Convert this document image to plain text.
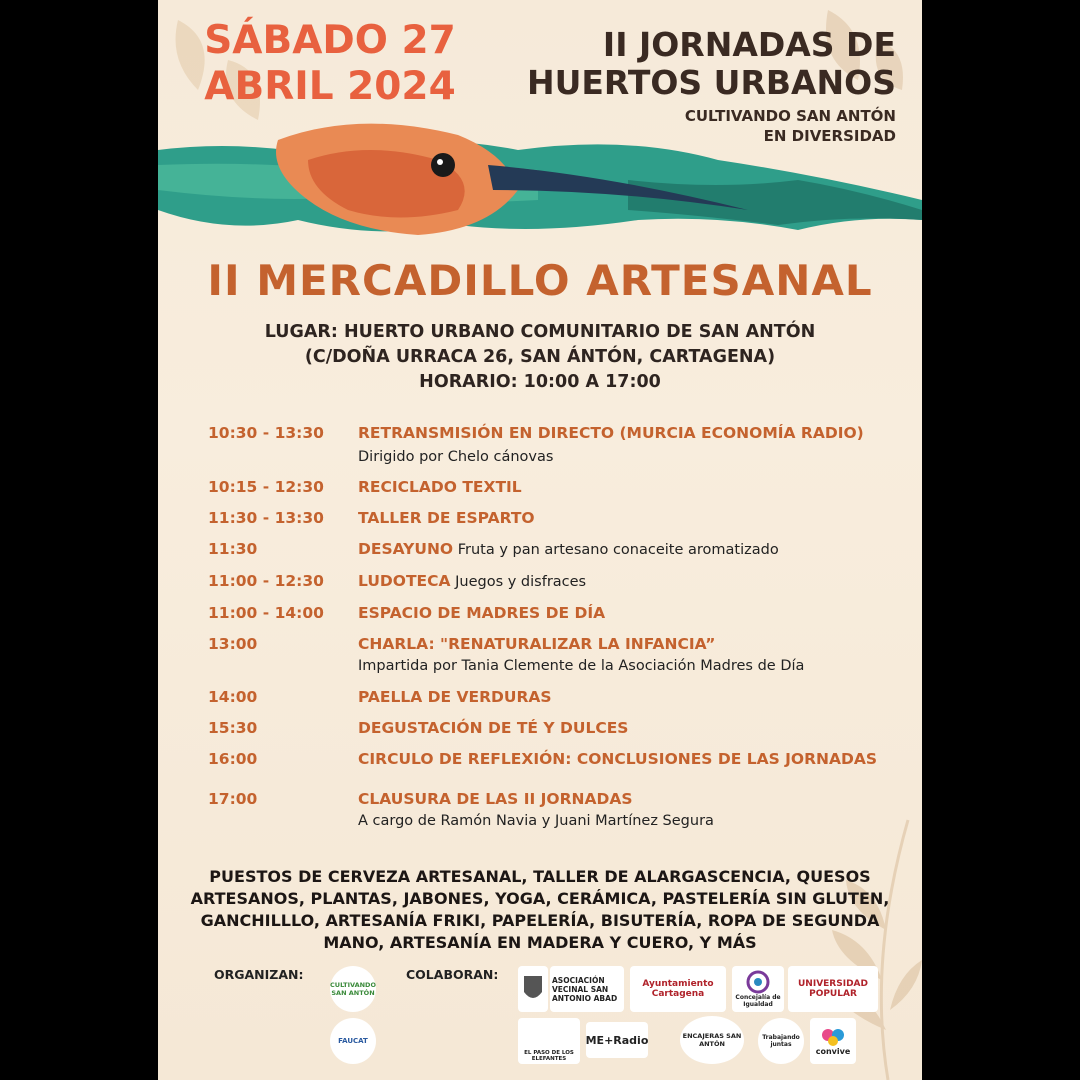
SÁBADO 27
ABRIL 2024
II JORNADAS DE
HUERTOS URBANOS
CULTIVANDO SAN ANTÓN
EN DIVERSIDAD
II MERCADILLO ARTESANAL
LUGAR: HUERTO URBANO COMUNITARIO DE SAN ANTÓN
(C/DOÑA URRACA 26, SAN ÁNTÓN, CARTAGENA)
HORARIO: 10:00 A 17:00
10:30 - 13:30	RETRANSMISIÓN EN DIRECTO (MURCIA ECONOMÍA RADIO) Dirigido por Chelo cánovas
10:15 - 12:30	RECICLADO TEXTIL
11:30 - 13:30	TALLER DE ESPARTO
11:30	DESAYUNO Fruta y pan artesano conaceite aromatizado
11:00 - 12:30	LUDOTECA Juegos y disfraces
11:00 - 14:00	ESPACIO DE MADRES DE DÍA
13:00	CHARLA: "RENATURALIZAR LA INFANCIA”
Impartida por Tania Clemente de la Asociación Madres de Día
14:00	PAELLA DE VERDURAS
15:30	DEGUSTACIÓN DE TÉ Y DULCES
16:00	CIRCULO DE REFLEXIÓN: CONCLUSIONES DE LAS JORNADAS
17:00	CLAUSURA DE LAS II JORNADAS
A cargo de Ramón Navia y Juani Martínez Segura
PUESTOS DE CERVEZA ARTESANAL, TALLER DE ALARGASCENCIA, QUESOS ARTESANOS, PLANTAS, JABONES, YOGA, CERÁMICA, PASTELERÍA SIN GLUTEN, GANCHILLLO, ARTESANÍA FRIKI, PAPELERÍA, BISUTERÍA, ROPA DE SEGUNDA MANO, ARTESANÍA EN MADERA Y CUERO, Y MÁS
ORGANIZAN:	COLABORAN:
CULTIVANDO SAN ANTÓN
FAUCAT
ASOCIACIÓN VECINAL SAN ANTONIO ABAD
Ayuntamiento Cartagena	Concejalía de Igualdad
UNIVERSIDAD POPULAR
EL PASO DE LOS ELEFANTES
ME+Radio	ENCAJERAS SAN ANTÓN
Trabajando juntas
convive
